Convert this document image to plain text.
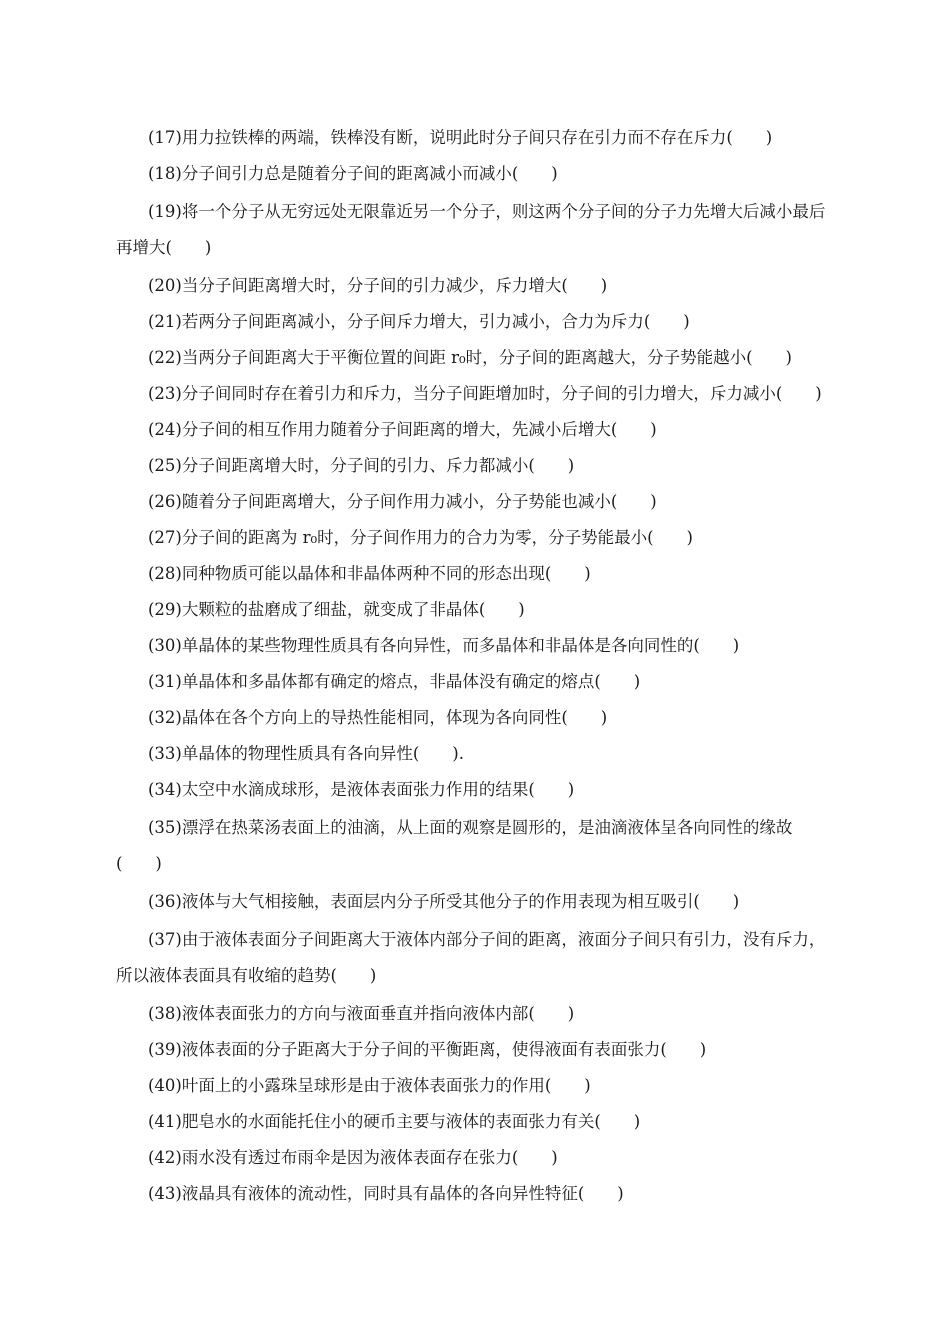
(17)用力拉铁棒的两端，铁棒没有断，说明此时分子间只存在引力而不存在斥力(　　)
(18)分子间引力总是随着分子间的距离减小而减小(　　)
(19)将一个分子从无穷远处无限靠近另一个分子，则这两个分子间的分子力先增大后减小最后再增大(　　)
(20)当分子间距离增大时，分子间的引力减少，斥力增大(　　)
(21)若两分子间距离减小，分子间斥力增大，引力减小，合力为斥力(　　)
(22)当两分子间距离大于平衡位置的间距 r₀时，分子间的距离越大，分子势能越小(　　)
(23)分子间同时存在着引力和斥力，当分子间距增加时，分子间的引力增大，斥力减小(　　)
(24)分子间的相互作用力随着分子间距离的增大，先减小后增大(　　)
(25)分子间距离增大时，分子间的引力、斥力都减小(　　)
(26)随着分子间距离增大，分子间作用力减小，分子势能也减小(　　)
(27)分子间的距离为 r₀时，分子间作用力的合力为零，分子势能最小(　　)
(28)同种物质可能以晶体和非晶体两种不同的形态出现(　　)
(29)大颗粒的盐磨成了细盐，就变成了非晶体(　　)
(30)单晶体的某些物理性质具有各向异性，而多晶体和非晶体是各向同性的(　　)
(31)单晶体和多晶体都有确定的熔点，非晶体没有确定的熔点(　　)
(32)晶体在各个方向上的导热性能相同，体现为各向同性(　　)
(33)单晶体的物理性质具有各向异性(　　).
(34)太空中水滴成球形，是液体表面张力作用的结果(　　)
(35)漂浮在热菜汤表面上的油滴，从上面的观察是圆形的，是油滴液体呈各向同性的缘故(　　)
(36)液体与大气相接触，表面层内分子所受其他分子的作用表现为相互吸引(　　)
(37)由于液体表面分子间距离大于液体内部分子间的距离，液面分子间只有引力，没有斥力，所以液体表面具有收缩的趋势(　　)
(38)液体表面张力的方向与液面垂直并指向液体内部(　　)
(39)液体表面的分子距离大于分子间的平衡距离，使得液面有表面张力(　　)
(40)叶面上的小露珠呈球形是由于液体表面张力的作用(　　)
(41)肥皂水的水面能托住小的硬币主要与液体的表面张力有关(　　)
(42)雨水没有透过布雨伞是因为液体表面存在张力(　　)
(43)液晶具有液体的流动性，同时具有晶体的各向异性特征(　　)
